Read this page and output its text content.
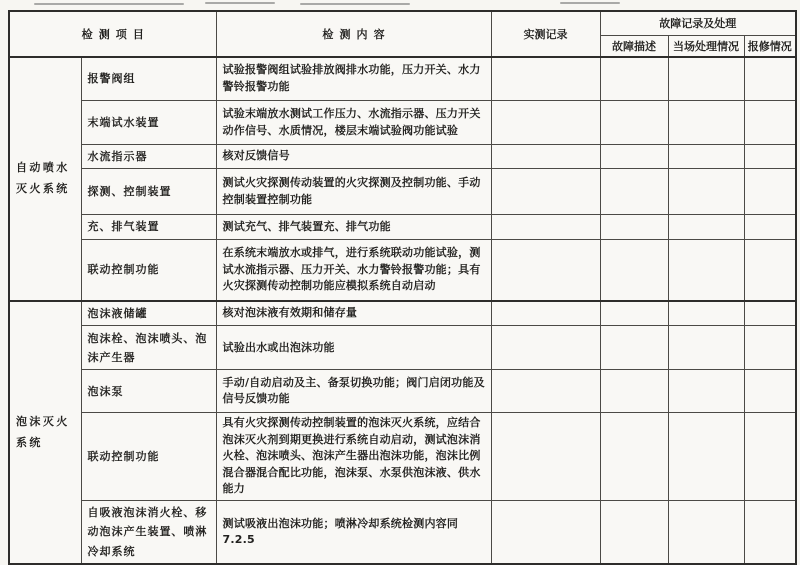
检测项目		检测内容	实测记录	故障记录及处理		
				故障描述	当场处理情况	报修情况
自动喷水灭火系统	报警阀组	试验报警阀组试验排放阀排水功能，压力开关、水力警铃报警功能				
	末端试水装置	试验末端放水测试工作压力、水流指示器、压力开关动作信号、水质情况，楼层末端试验阀功能试验				
	水流指示器	核对反馈信号				
	探测、控制装置	测试火灾探测传动装置的火灾探测及控制功能、手动控制装置控制功能				
	充、排气装置	测试充气、排气装置充、排气功能				
	联动控制功能	在系统末端放水或排气，进行系统联动功能试验，测试水流指示器、压力开关、水力警铃报警功能；具有火灾探测传动控制功能应模拟系统自动启动				
泡沫灭火系统	泡沫液储罐	核对泡沫液有效期和储存量				
	泡沫栓、泡沫喷头、泡沫产生器	试验出水或出泡沫功能				
	泡沫泵	手动/自动启动及主、备泵切换功能；阀门启闭功能及信号反馈功能				
	联动控制功能	具有火灾探测传动控制装置的泡沫灭火系统，应结合泡沫灭火剂到期更换进行系统自动启动，测试泡沫消火栓、泡沫喷头、泡沫产生器出泡沫功能，泡沫比例混合器混合配比功能，泡沫泵、水泵供泡沫液、供水能力				
	自吸液泡沫消火栓、移动泡沫产生装置、喷淋冷却系统	测试吸液出泡沫功能；喷淋冷却系统检测内容同 7.2.5				
